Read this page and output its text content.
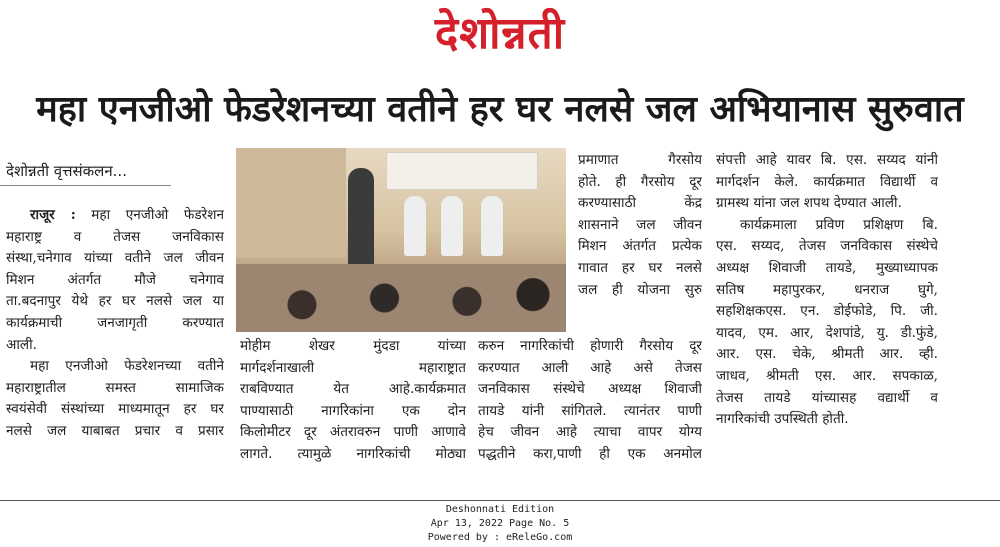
देशोन्नती
महा एनजीओ फेडरेशनच्या वतीने हर घर नलसे जल अभियानास सुरुवात
देशोन्नती वृत्तसंकलन...

राजूर : महा एनजीओ फेडरेशन

महाराष्ट्र व तेजस जनविकास

संस्था,चनेगाव यांच्या वतीने जल जीवन

मिशन अंतर्गत मौजे चनेगाव

ता.बदनापुर येथे हर घर नलसे जल या

कार्यक्रमाची जनजागृती करण्यात

आली.

महा एनजीओ फेडरेशनच्या वतीने

महाराष्ट्रातील समस्त सामाजिक

स्वयंसेवी संस्थांच्या माध्यमातून हर घर

नलसे जल याबाबत प्रचार व प्रसार

मोहीम शेखर मुंदडा यांच्या

मार्गदर्शनाखाली महाराष्ट्रात

राबविण्यात येत आहे.कार्यक्रमात

पाण्यासाठी नागरिकांना एक दोन

किलोमीटर दूर अंतरावरुन पाणी आणावे

लागते. त्यामुळे नागरिकांची मोठ्या

प्रमाणात गैरसोय

होते. ही गैरसोय दूर

करण्यासाठी केंद्र

शासनाने जल जीवन

मिशन अंतर्गत प्रत्येक

गावात हर घर नलसे

जल ही योजना सुरु

करुन नागरिकांची होणारी गैरसोय दूर

करण्यात आली आहे असे तेजस

जनविकास संस्थेचे अध्यक्ष शिवाजी

तायडे यांनी सांगितले. त्यानंतर पाणी

हेच जीवन आहे त्याचा वापर योग्य

पद्धतीने करा,पाणी ही एक अनमोल

संपत्ती आहे यावर बि. एस. सय्यद यांनी

मार्गदर्शन केले. कार्यक्रमात विद्यार्थी व

ग्रामस्थ यांना जल शपथ देण्यात आली.

कार्यक्रमाला प्रविण प्रशिक्षण बि.

एस. सय्यद, तेजस जनविकास संस्थेचे

अध्यक्ष शिवाजी तायडे, मुख्याध्यापक

सतिष महापुरकर, धनराज घुगे,

सहशिक्षकएस. एन. डोईफोडे, पि. जी.

यादव, एम. आर, देशपांडे, यु. डी.फुंडे,

आर. एस. चेके, श्रीमती आर. व्ही.

जाधव, श्रीमती एस. आर. सपकाळ,

तेजस तायडे यांच्यासह वद्यार्थी व

नागरिकांची उपस्थिती होती.

Deshonnati Edition
Apr 13, 2022 Page No. 5
Powered by : eReleGo.com
